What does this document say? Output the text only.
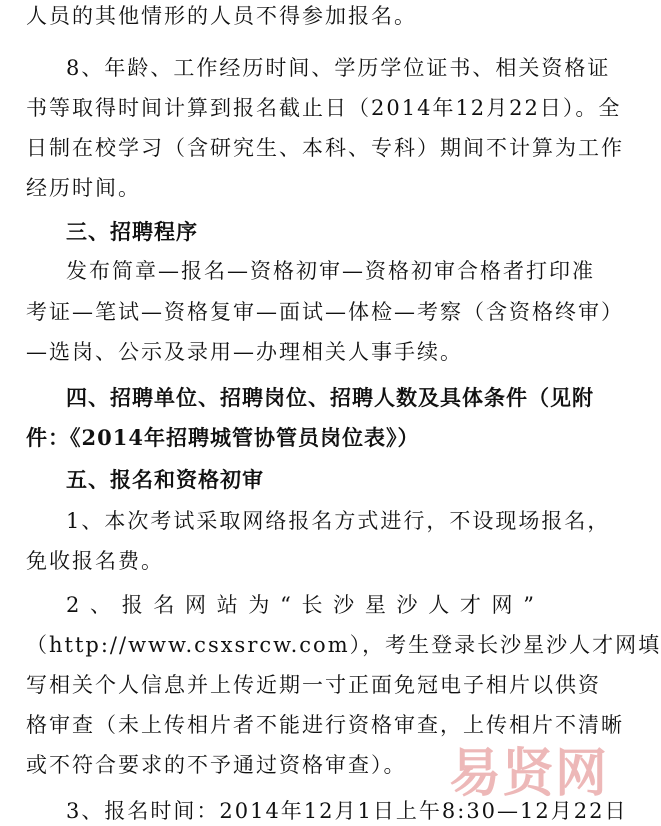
人员的其他情形的人员不得参加报名。
8、年龄、工作经历时间、学历学位证书、相关资格证
书等取得时间计算到报名截止日（2014年12月22日）。全
日制在校学习（含研究生、本科、专科）期间不计算为工作
经历时间。
三、招聘程序
发布简章—报名—资格初审—资格初审合格者打印准
考证—笔试—资格复审—面试—体检—考察（含资格终审）
—选岗、公示及录用—办理相关人事手续。
四、招聘单位、招聘岗位、招聘人数及具体条件（见附
件：《2014年招聘城管协管员岗位表》）
五、报名和资格初审
1、本次考试采取网络报名方式进行，不设现场报名，
免收报名费。
2 、 报 名 网 站 为 “ 长 沙 星 沙 人 才 网 ”
（http://www.csxsrcw.com），考生登录长沙星沙人才网填
写相关个人信息并上传近期一寸正面免冠电子相片以供资
格审查（未上传相片者不能进行资格审查，上传相片不清晰
或不符合要求的不予通过资格审查）。
3、报名时间：2014年12月1日上午8:30—12月22日
易贤网
